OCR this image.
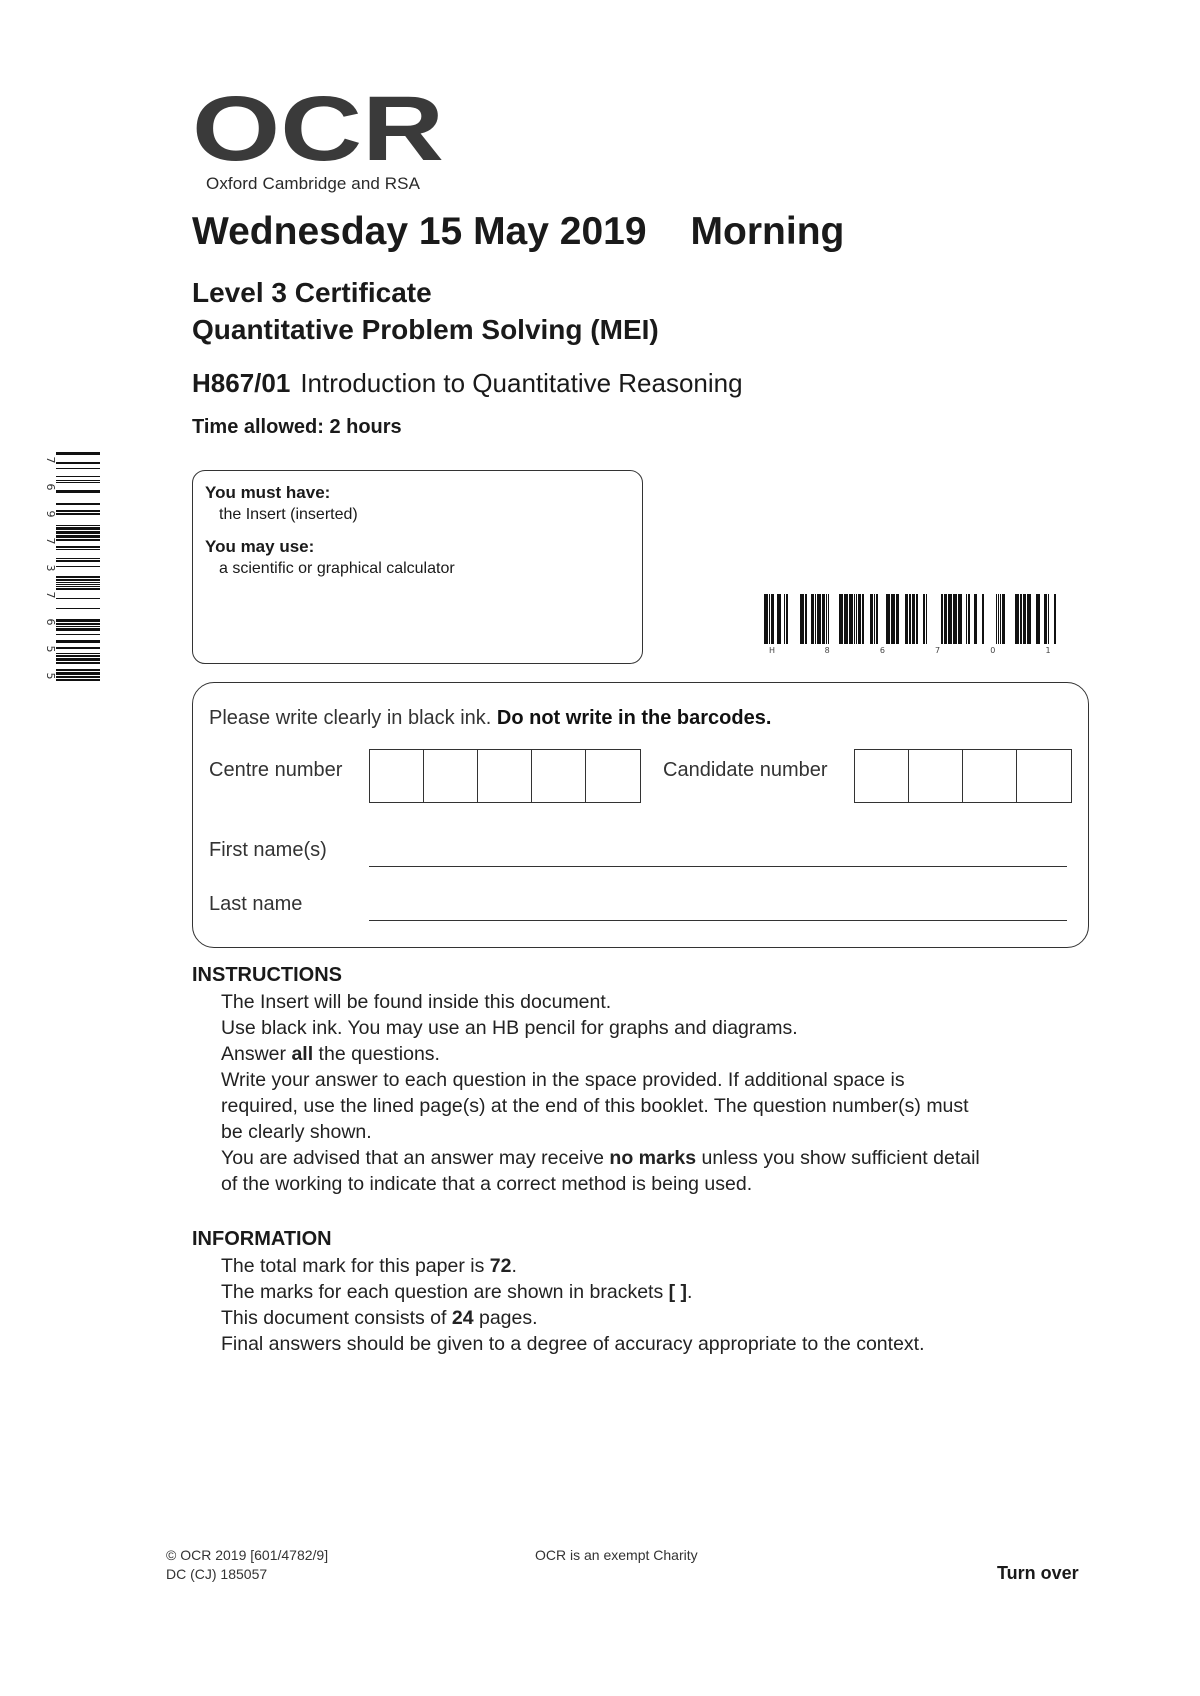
OCR
Oxford Cambridge and RSA
Wednesday 15 May 2019 Morning
Level 3 Certificate
Quantitative Problem Solving (MEI)
H867/01 Introduction to Quantitative Reasoning
Time allowed: 2 hours
7
6
9
7
3
7
6
5
5
You must have:
the Insert (inserted)
You may use:
a scientific or graphical calculator
H	8	6	7	0	1
Please write clearly in black ink. Do not write in the barcodes.
Centre number	Candidate number
First name(s)
Last name
INSTRUCTIONS
The Insert will be found inside this document.
Use black ink. You may use an HB pencil for graphs and diagrams.
Answer all the questions.
Write your answer to each question in the space provided. If additional space is
required, use the lined page(s) at the end of this booklet. The question number(s) must
be clearly shown.
You are advised that an answer may receive no marks unless you show sufficient detail
of the working to indicate that a correct method is being used.
INFORMATION
The total mark for this paper is 72.
The marks for each question are shown in brackets [ ].
This document consists of 24 pages.
Final answers should be given to a degree of accuracy appropriate to the context.
© OCR 2019 [601/4782/9]
DC (CJ) 185057
OCR is an exempt Charity
Turn over
